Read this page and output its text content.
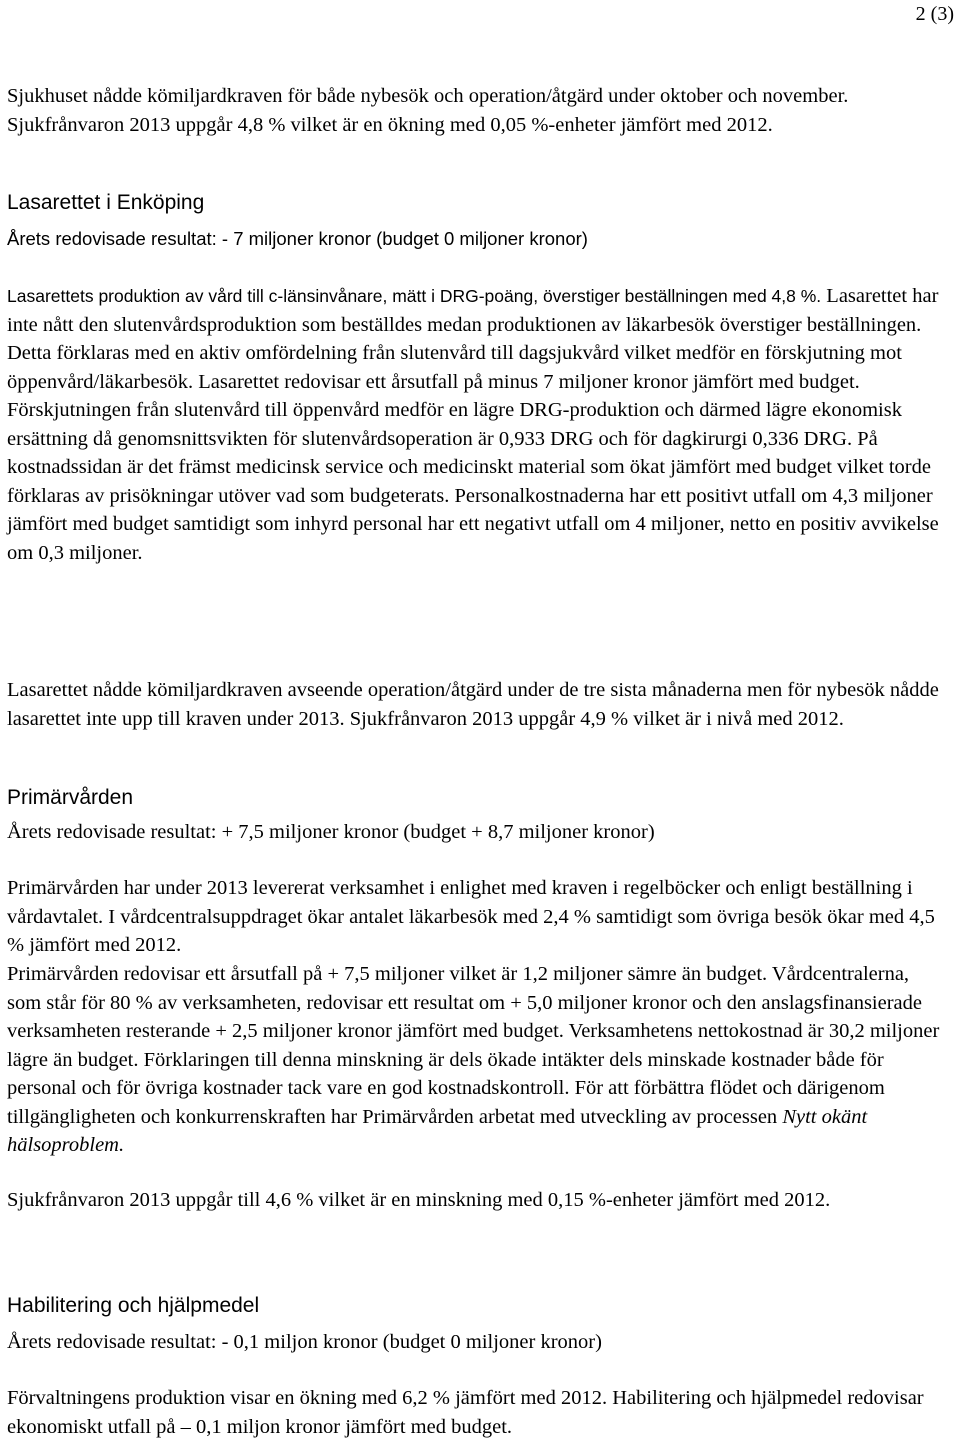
2 (3)

Sjukhuset nådde kömiljardkraven för både nybesök och operation/åtgärd under oktober och november. Sjukfrånvaron 2013 uppgår 4,8 % vilket är en ökning med 0,05 %-enheter jämfört med 2012.

Lasarettet i Enköping

Årets redovisade resultat: - 7 miljoner kronor (budget 0 miljoner kronor)

Lasarettets produktion av vård till c-länsinvånare, mätt i DRG-poäng, överstiger beställningen med 4,8 %. Lasarettet har inte nått den slutenvårdsproduktion som beställdes medan produktionen av läkarbesök överstiger beställningen. Detta förklaras med en aktiv omfördelning från slutenvård till dagsjukvård vilket medför en förskjutning mot öppenvård/läkarbesök. Lasarettet redovisar ett årsutfall på minus 7 miljoner kronor jämfört med budget. Förskjutningen från slutenvård till öppenvård medför en lägre DRG-produktion och därmed lägre ekonomisk ersättning då genomsnittsvikten för slutenvårdsoperation är 0,933 DRG och för dagkirurgi 0,336 DRG. På kostnadssidan är det främst medicinsk service och medicinskt material som ökat jämfört med budget vilket torde förklaras av prisökningar utöver vad som budgeterats. Personalkostnaderna har ett positivt utfall om 4,3 miljoner jämfört med budget samtidigt som inhyrd personal har ett negativt utfall om 4 miljoner, netto en positiv avvikelse om 0,3 miljoner.

Lasarettet nådde kömiljardkraven avseende operation/åtgärd under de tre sista månaderna men för nybesök nådde lasarettet inte upp till kraven under 2013. Sjukfrånvaron 2013 uppgår 4,9 % vilket är i nivå med 2012.

Primärvården

Årets redovisade resultat: + 7,5 miljoner kronor (budget + 8,7 miljoner kronor)

Primärvården har under 2013 levererat verksamhet i enlighet med kraven i regelböcker och enligt beställning i vårdavtalet. I vårdcentralsuppdraget ökar antalet läkarbesök med 2,4 % samtidigt som övriga besök ökar med 4,5 % jämfört med 2012.

Primärvården redovisar ett årsutfall på + 7,5 miljoner vilket är 1,2 miljoner sämre än budget. Vårdcentralerna, som står för 80 % av verksamheten, redovisar ett resultat om + 5,0 miljoner kronor och den anslagsfinansierade verksamheten resterande + 2,5 miljoner kronor jämfört med budget. Verksamhetens nettokostnad är 30,2 miljoner lägre än budget. Förklaringen till denna minskning är dels ökade intäkter dels minskade kostnader både för personal och för övriga kostnader tack vare en god kostnadskontroll. För att förbättra flödet och därigenom tillgängligheten och konkurrenskraften har Primärvården arbetat med utveckling av processen Nytt okänt hälsoproblem.

Sjukfrånvaron 2013 uppgår till 4,6 % vilket är en minskning med 0,15 %-enheter jämfört med 2012.

Habilitering och hjälpmedel

Årets redovisade resultat: - 0,1 miljon kronor (budget 0 miljoner kronor)

Förvaltningens produktion visar en ökning med 6,2 % jämfört med 2012. Habilitering och hjälpmedel redovisar ekonomiskt utfall på – 0,1 miljon kronor jämfört med budget.
